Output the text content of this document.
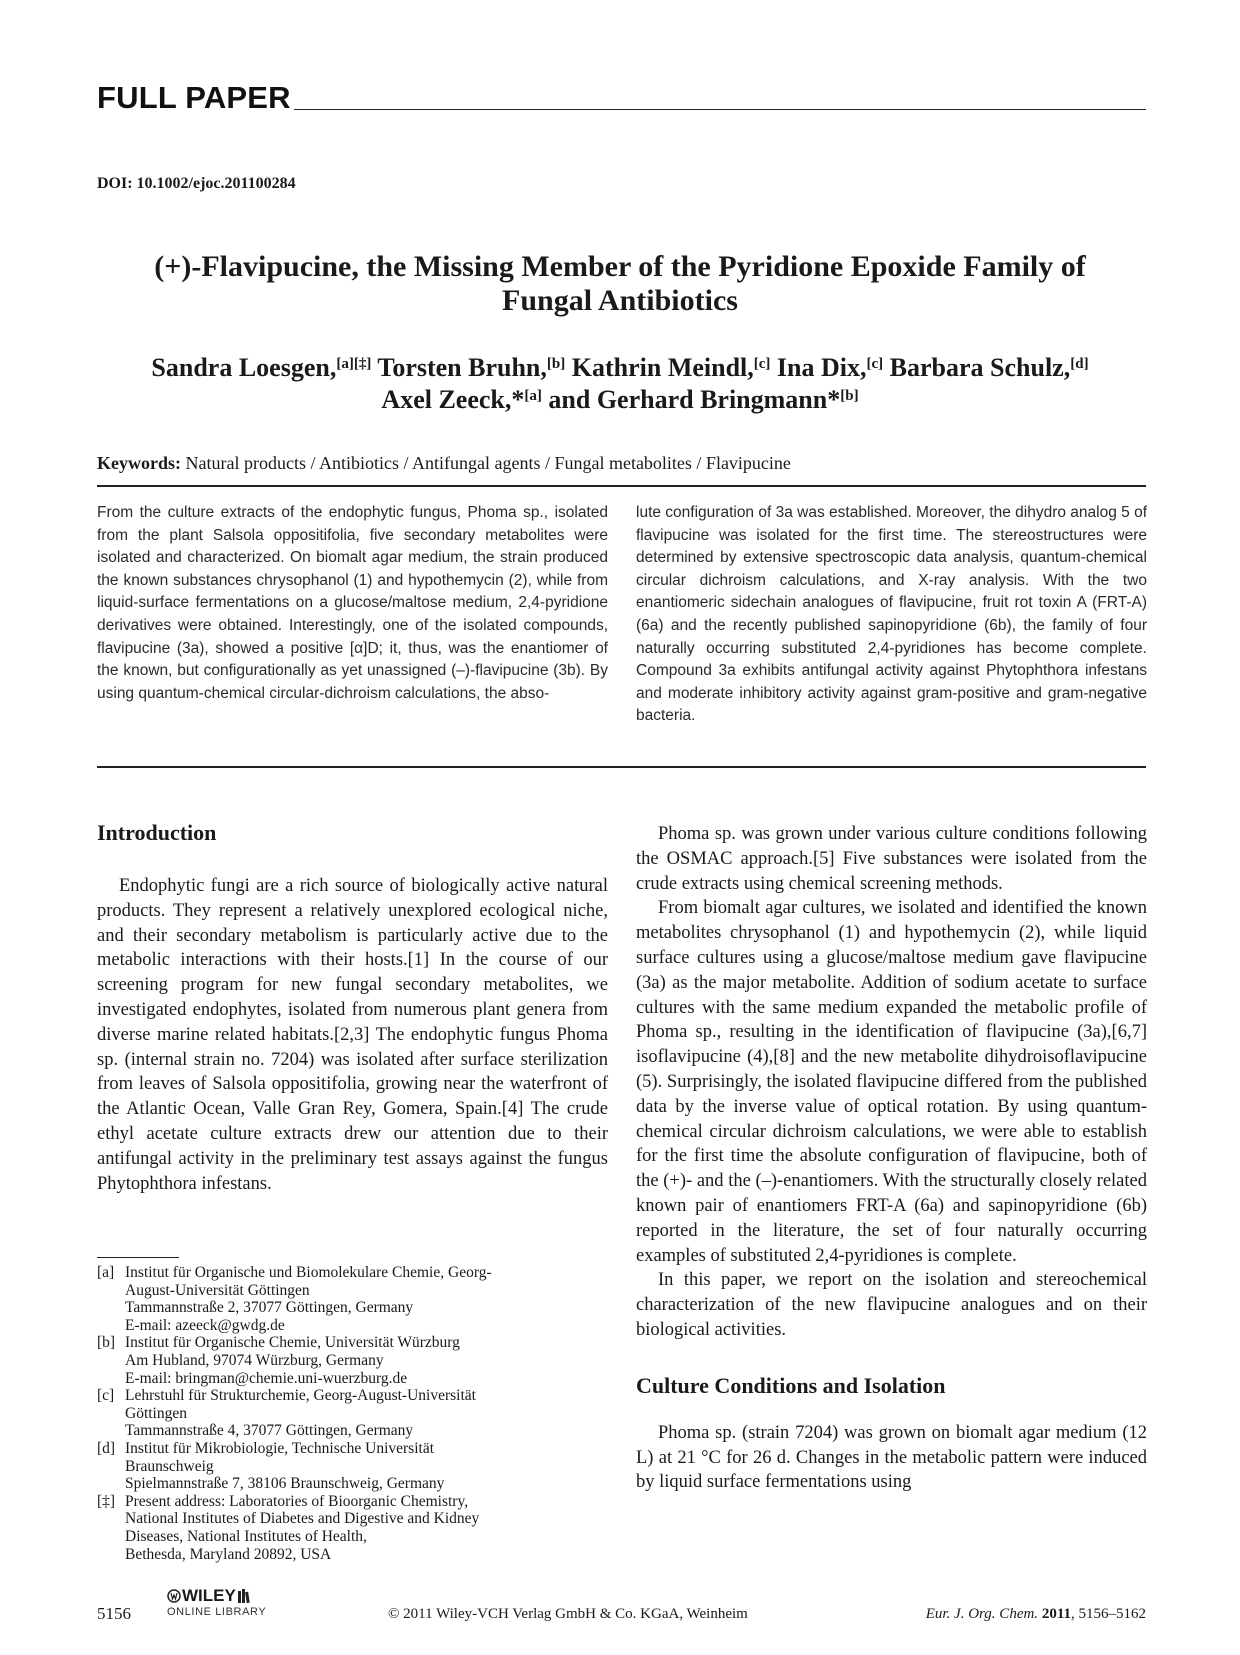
FULL PAPER
DOI: 10.1002/ejoc.201100284
(+)-Flavipucine, the Missing Member of the Pyridione Epoxide Family of Fungal Antibiotics
Sandra Loesgen,[a][‡] Torsten Bruhn,[b] Kathrin Meindl,[c] Ina Dix,[c] Barbara Schulz,[d]
Axel Zeeck,*[a] and Gerhard Bringmann*[b]
Keywords: Natural products / Antibiotics / Antifungal agents / Fungal metabolites / Flavipucine

From the culture extracts of the endophytic fungus, Phoma sp., isolated from the plant Salsola oppositifolia, five secondary metabolites were isolated and characterized. On biomalt agar medium, the strain produced the known substances chrysophanol (1) and hypothemycin (2), while from liquid-surface fermentations on a glucose/maltose medium, 2,4-pyridione derivatives were obtained. Interestingly, one of the isolated compounds, flavipucine (3a), showed a positive [α]D; it, thus, was the enantiomer of the known, but configurationally as yet unassigned (–)-flavipucine (3b). By using quantum-chemical circular-dichroism calculations, the abso-

lute configuration of 3a was established. Moreover, the dihydro analog 5 of flavipucine was isolated for the first time. The stereostructures were determined by extensive spectroscopic data analysis, quantum-chemical circular dichroism calculations, and X-ray analysis. With the two enantiomeric sidechain analogues of flavipucine, fruit rot toxin A (FRT-A) (6a) and the recently published sapinopyridione (6b), the family of four naturally occurring substituted 2,4-pyridiones has become complete. Compound 3a exhibits antifungal activity against Phytophthora infestans and moderate inhibitory activity against gram-positive and gram-negative bacteria.

Introduction

Endophytic fungi are a rich source of biologically active natural products. They represent a relatively unexplored ecological niche, and their secondary metabolism is particularly active due to the metabolic interactions with their hosts.[1] In the course of our screening program for new fungal secondary metabolites, we investigated endophytes, isolated from numerous plant genera from diverse marine related habitats.[2,3] The endophytic fungus Phoma sp. (internal strain no. 7204) was isolated after surface sterilization from leaves of Salsola oppositifolia, growing near the waterfront of the Atlantic Ocean, Valle Gran Rey, Gomera, Spain.[4] The crude ethyl acetate culture extracts drew our attention due to their antifungal activity in the preliminary test assays against the fungus Phytophthora infestans.

[a] Institut für Organische und Biomolekulare Chemie, Georg-
August-Universität Göttingen
Tammannstraße 2, 37077 Göttingen, Germany
E-mail: azeeck@gwdg.de
[b] Institut für Organische Chemie, Universität Würzburg
Am Hubland, 97074 Würzburg, Germany
E-mail: bringman@chemie.uni-wuerzburg.de
[c] Lehrstuhl für Strukturchemie, Georg-August-Universität
Göttingen
Tammannstraße 4, 37077 Göttingen, Germany
[d] Institut für Mikrobiologie, Technische Universität
Braunschweig
Spielmannstraße 7, 38106 Braunschweig, Germany
[‡] Present address: Laboratories of Bioorganic Chemistry,
National Institutes of Diabetes and Digestive and Kidney
Diseases, National Institutes of Health,
Bethesda, Maryland 20892, USA

Phoma sp. was grown under various culture conditions following the OSMAC approach.[5] Five substances were isolated from the crude extracts using chemical screening methods.

From biomalt agar cultures, we isolated and identified the known metabolites chrysophanol (1) and hypothemycin (2), while liquid surface cultures using a glucose/maltose medium gave flavipucine (3a) as the major metabolite. Addition of sodium acetate to surface cultures with the same medium expanded the metabolic profile of Phoma sp., resulting in the identification of flavipucine (3a),[6,7] isoflavipucine (4),[8] and the new metabolite dihydroisoflavipucine (5). Surprisingly, the isolated flavipucine differed from the published data by the inverse value of optical rotation. By using quantum-chemical circular dichroism calculations, we were able to establish for the first time the absolute configuration of flavipucine, both of the (+)- and the (–)-enantiomers. With the structurally closely related known pair of enantiomers FRT-A (6a) and sapinopyridione (6b) reported in the literature, the set of four naturally occurring examples of substituted 2,4-pyridiones is complete.

In this paper, we report on the isolation and stereochemical characterization of the new flavipucine analogues and on their biological activities.

Culture Conditions and Isolation

Phoma sp. (strain 7204) was grown on biomalt agar medium (12 L) at 21 °C for 26 d. Changes in the metabolic pattern were induced by liquid surface fermentations using

5156
WILEY
ONLINE LIBRARY	© 2011 Wiley-VCH Verlag GmbH & Co. KGaA, Weinheim	Eur. J. Org. Chem. 2011, 5156–5162
